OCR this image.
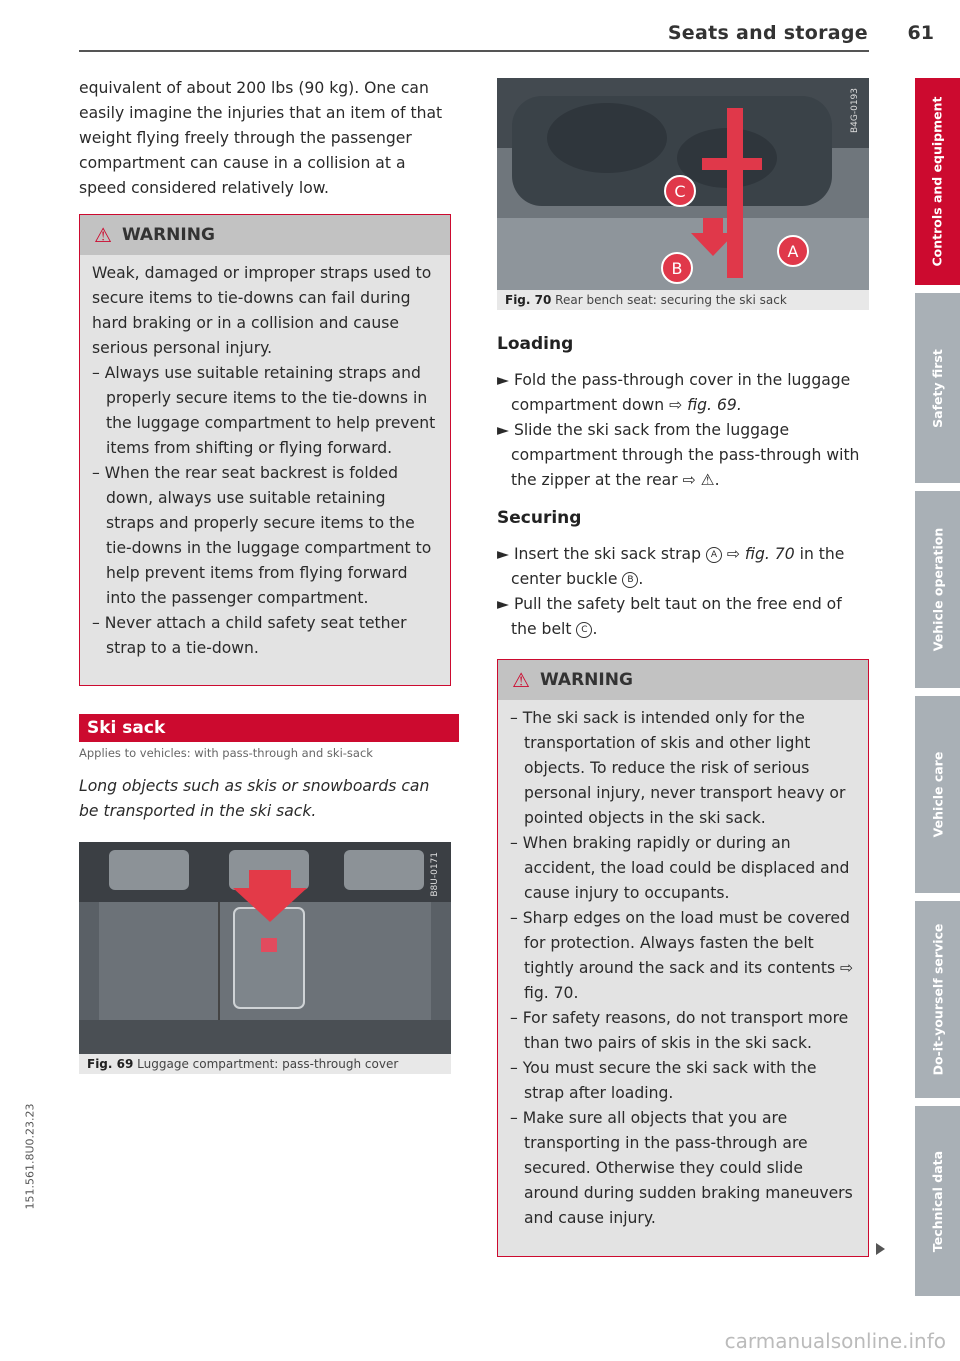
Seats and storage 61
equivalent of about 200 lbs (90 kg). One can easily imagine the injuries that an item of that weight flying freely through the passenger compartment can cause in a collision at a speed considered relatively low.
⚠ WARNING
Weak, damaged or improper straps used to secure items to tie-downs can fail during hard braking or in a collision and cause serious personal injury.
– Always use suitable retaining straps and properly secure items to the tie-downs in the luggage compartment to help prevent items from shifting or flying forward.
– When the rear seat backrest is folded down, always use suitable retaining straps and properly secure items to the tie-downs in the luggage compartment to help prevent items from flying forward into the passenger compartment.
– Never attach a child safety seat tether strap to a tie-down.
Ski sack
Applies to vehicles: with pass-through and ski-sack
Long objects such as skis or snowboards can be transported in the ski sack.
B8U-0171
Fig. 69 Luggage compartment: pass-through cover
C
B
A
B4G-0193
Fig. 70 Rear bench seat: securing the ski sack
Loading
► Fold the pass-through cover in the luggage compartment down ⇨ fig. 69.
► Slide the ski sack from the luggage compartment through the pass-through with the zipper at the rear ⇨ ⚠.
Securing
► Insert the ski sack strap A ⇨ fig. 70 in the center buckle B .
► Pull the safety belt taut on the free end of the belt C .
⚠ WARNING
– The ski sack is intended only for the transportation of skis and other light objects. To reduce the risk of serious personal injury, never transport heavy or pointed objects in the ski sack.
– When braking rapidly or during an accident, the load could be displaced and cause injury to occupants.
– Sharp edges on the load must be covered for protection. Always fasten the belt tightly around the sack and its contents ⇨ fig. 70.
– For safety reasons, do not transport more than two pairs of skis in the ski sack.
– You must secure the ski sack with the strap after loading.
– Make sure all objects that you are transporting in the pass-through are secured. Otherwise they could slide around during sudden braking maneuvers and cause injury.
Controls and equipment
Safety first
Vehicle operation
Vehicle care
Do-it-yourself service
Technical data
151.561.8U0.23.23
carmanualsonline.info
